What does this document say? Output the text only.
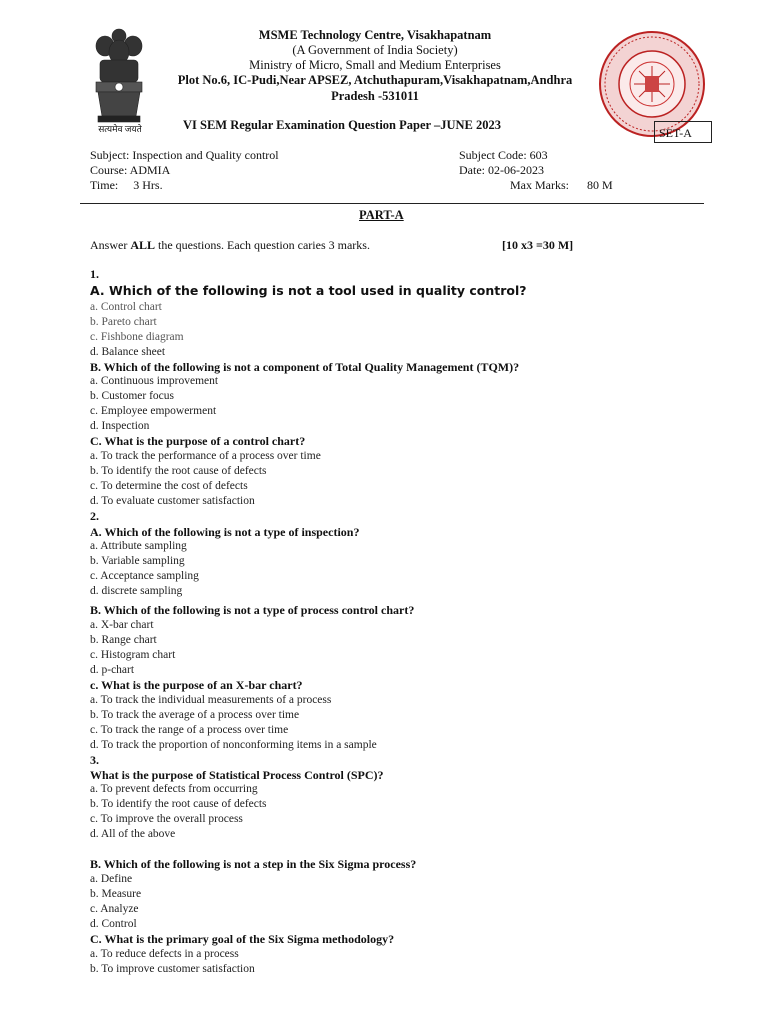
सत्यमेव जयते
MSME Technology Centre, Visakhapatnam
(A Government of India Society)
Ministry of Micro, Small and Medium Enterprises
Plot No.6, IC-Pudi,Near APSEZ, Atchuthapuram,Visakhapatnam,Andhra
Pradesh -531011
VI SEM Regular Examination Question Paper –JUNE 2023
SET-A
Subject: Inspection and Quality control	Subject Code: 603
Course: ADMIA	Date: 02-06-2023
Time:     3 Hrs.	Max Marks: 80 M
PART-A
Answer ALL the questions. Each question caries 3 marks.	[10 x3 =30 M]
1.
A. Which of the following is not a tool used in quality control?
a. Control chart
b. Pareto chart
c. Fishbone diagram
d. Balance sheet
B. Which of the following is not a component of Total Quality Management (TQM)?
a. Continuous improvement
b. Customer focus
c. Employee empowerment
d. Inspection
C. What is the purpose of a control chart?
a. To track the performance of a process over time
b. To identify the root cause of defects
c. To determine the cost of defects
d. To evaluate customer satisfaction
2.
A. Which of the following is not a type of inspection?
a. Attribute sampling
b. Variable sampling
c. Acceptance sampling
d. discrete sampling
B. Which of the following is not a type of process control chart?
a. X-bar chart
b. Range chart
c. Histogram chart
d. p-chart
c. What is the purpose of an X-bar chart?
a. To track the individual measurements of a process
b. To track the average of a process over time
c. To track the range of a process over time
d. To track the proportion of nonconforming items in a sample
3.
What is the purpose of Statistical Process Control (SPC)?
a. To prevent defects from occurring
b. To identify the root cause of defects
c. To improve the overall process
d. All of the above
B. Which of the following is not a step in the Six Sigma process?
a. Define
b. Measure
c. Analyze
d. Control
C. What is the primary goal of the Six Sigma methodology?
a. To reduce defects in a process
b. To improve customer satisfaction
